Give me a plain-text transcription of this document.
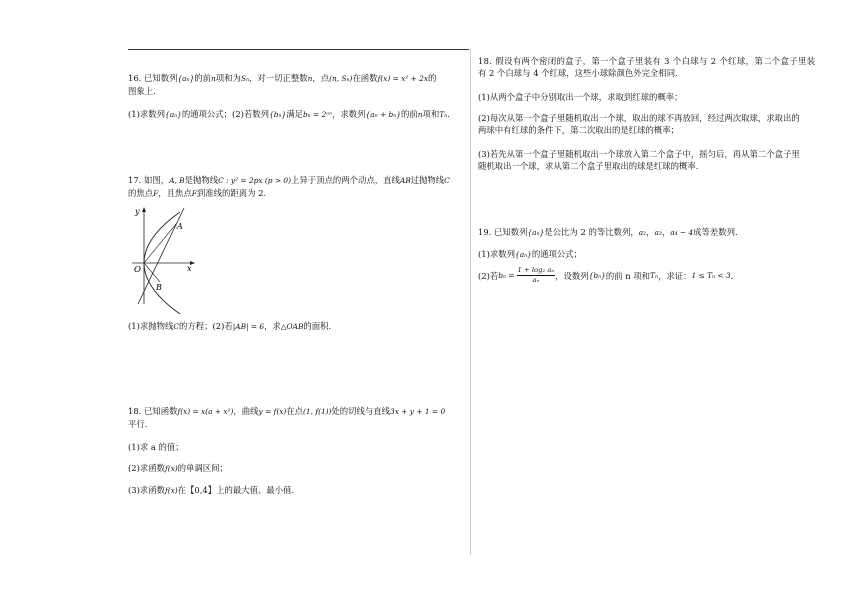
16. 已知数列{aₙ}的前n项和为Sₙ，对一切正整数n，点(n, Sₙ)在函数f(x) = x² + 2x的

图象上.

(1)求数列{aₙ}的通项公式；(2)若数列{bₙ}满足bₙ = 2ᵃⁿ，求数列{aₙ + bₙ}的前n项和Tₙ.

17. 如图，A, B是抛物线C : y² = 2px (p > 0)上异于顶点的两个动点，直线AB过抛物线C

的焦点F，且焦点F到准线的距离为 2.

y
x
O
A
B

(1)求抛物线C的方程；(2)若|AB| = 6，求△OAB的面积.

18. 已知函数f(x) = x(a + x²)，曲线y = f(x)在点(1, f(1))处的切线与直线3x + y + 1 = 0

平行.

(1)求 a 的值；

(2)求函数f(x)的单调区间；

(3)求函数f(x)在【0,4】上的最大值、最小值.

18. 假设有两个密闭的盒子，第一个盒子里装有 3 个白球与 2 个红球，第二个盒子里装

有 2 个白球与 4 个红球，这些小球除颜色外完全相同.

(1)从两个盒子中分别取出一个球，求取到红球的概率；

(2)每次从第一个盒子里随机取出一个球，取出的球不再放回，经过两次取球，求取出的

两球中有红球的条件下，第二次取出的是红球的概率；

(3)若先从第一个盒子里随机取出一个球放入第二个盒子中，摇匀后，再从第二个盒子里

随机取出一个球，求从第二个盒子里取出的球是红球的概率.

19. 已知数列{aₙ}是公比为 2 的等比数列，a₂，a₃，a₄ − 4成等差数列.

(1)求数列{aₙ}的通项公式；

(2)若 $b_n = \frac{\text{1 + log₂ aₙ}}{\text{aₙ}}$ ，设数列 {bₙ} 的前 n 项和 Tₙ ，求证： 1 ≤ Tₙ < 3 .
